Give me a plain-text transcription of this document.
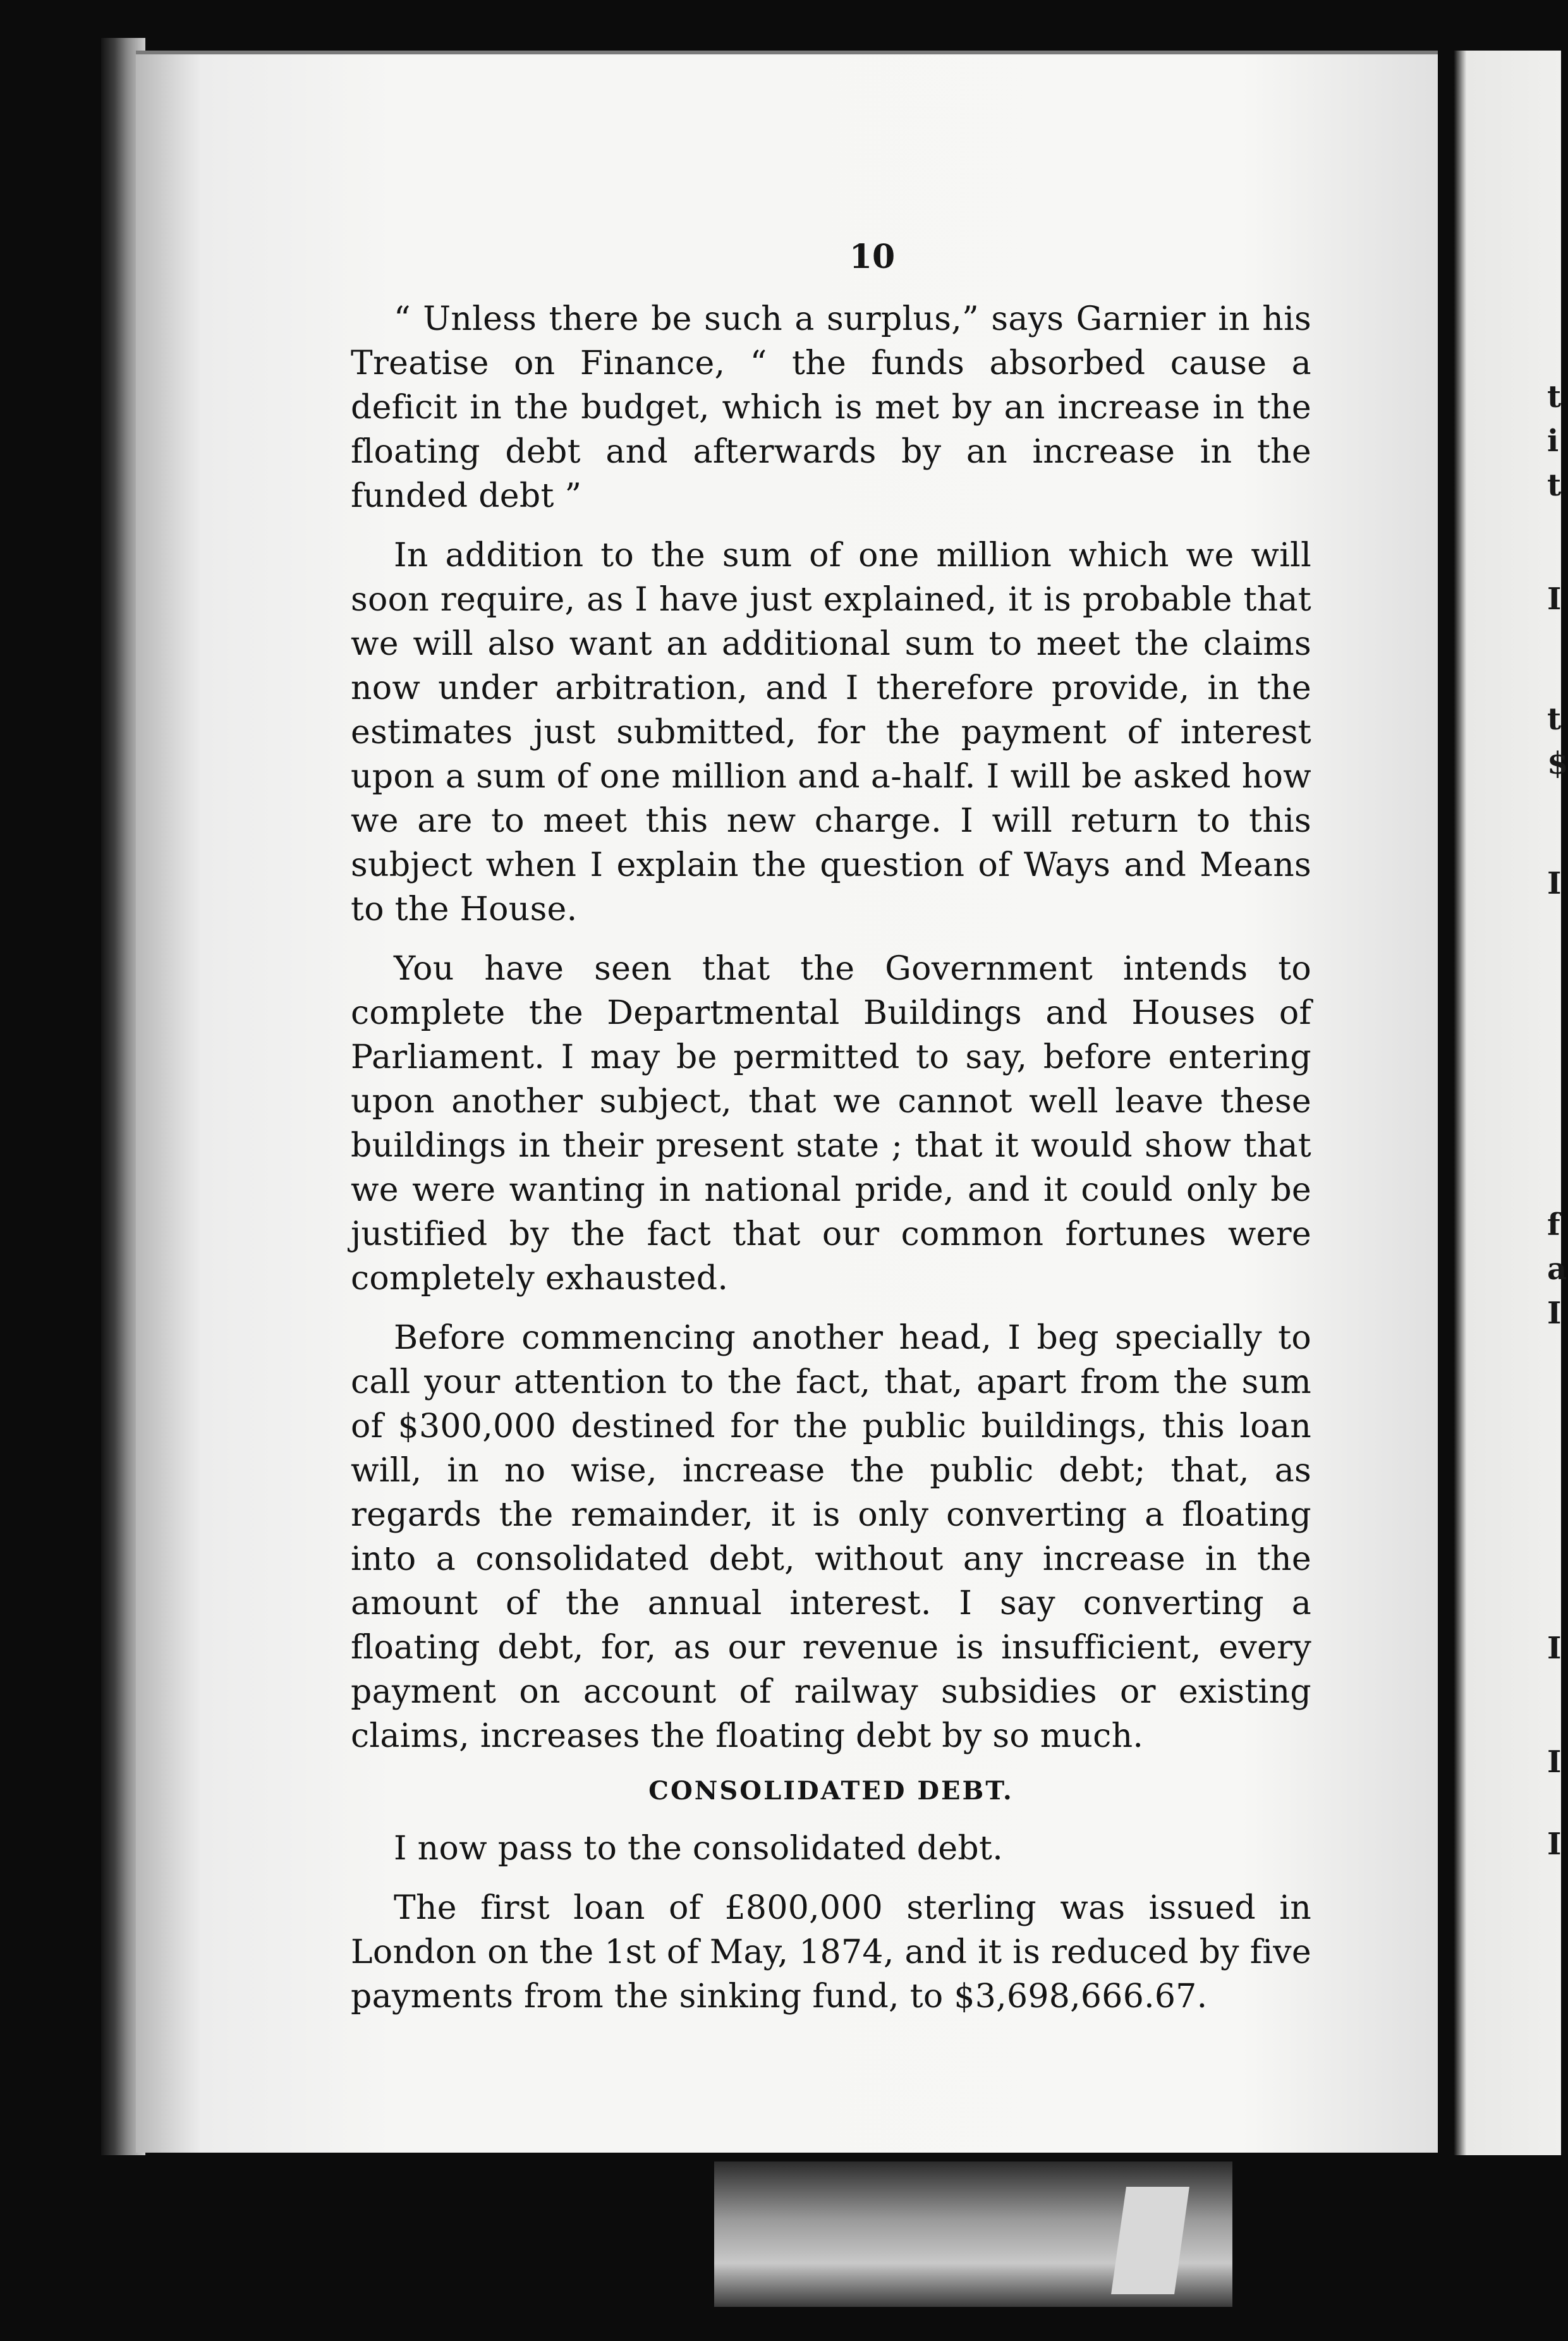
10

“ Unless there be such a surplus,” says Garnier in his Treatise on Finance, “ the funds absorbed cause a deficit in the budget, which is met by an increase in the floating debt and afterwards by an increase in the funded debt ”

In addition to the sum of one million which we will soon require, as I have just explained, it is probable that we will also want an additional sum to meet the claims now under arbitration, and I therefore provide, in the estimates just submitted, for the payment of interest upon a sum of one million and a-half. I will be asked how we are to meet this new charge. I will return to this subject when I explain the question of Ways and Means to the House.

You have seen that the Government intends to complete the Departmental Buildings and Houses of Parliament. I may be permitted to say, before entering upon another subject, that we cannot well leave these buildings in their present state ; that it would show that we were wanting in national pride, and it could only be justified by the fact that our common fortunes were completely exhausted.

Before commencing another head, I beg specially to call your attention to the fact, that, apart from the sum of $300,000 destined for the public buildings, this loan will, in no wise, increase the public debt; that, as regards the remainder, it is only converting a floating into a consolidated debt, without any increase in the amount of the annual interest. I say converting a floating debt, for, as our revenue is insufficient, every payment on account of railway subsidies or existing claims, increases the floating debt by so much.

CONSOLIDATED DEBT.

I now pass to the consolidated debt.

The first loan of £800,000 sterling was issued in London on the 1st of May, 1874, and it is reduced by five payments from the sinking fund, to $3,698,666.67.

t
i
t
I
t
$
I
f
a
I
I
I
I
